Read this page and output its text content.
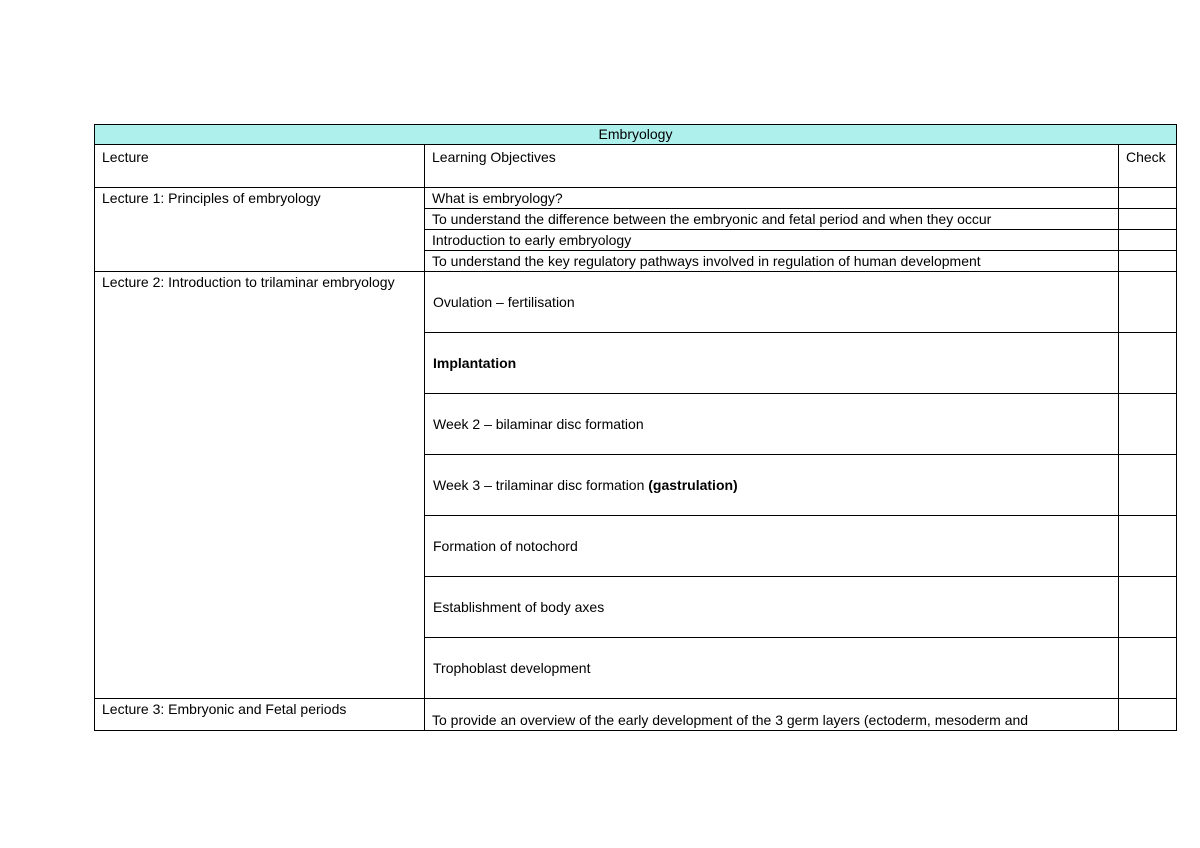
Embryology		
Lecture	Learning Objectives	Check
Lecture 1: Principles of embryology	What is embryology?	
	To understand the difference between the embryonic and fetal period and when they occur	
	Introduction to early embryology	
	To understand the key regulatory pathways involved in regulation of human development	
Lecture 2: Introduction to trilaminar embryology	Ovulation – fertilisation	
	Implantation	
	Week 2 – bilaminar disc formation	
	Week 3 – trilaminar disc formation (gastrulation)	
	Formation of notochord	
	Establishment of body axes	
	Trophoblast development	
Lecture 3: Embryonic and Fetal periods	To provide an overview of the early development of the 3 germ layers (ectoderm, mesoderm and	
